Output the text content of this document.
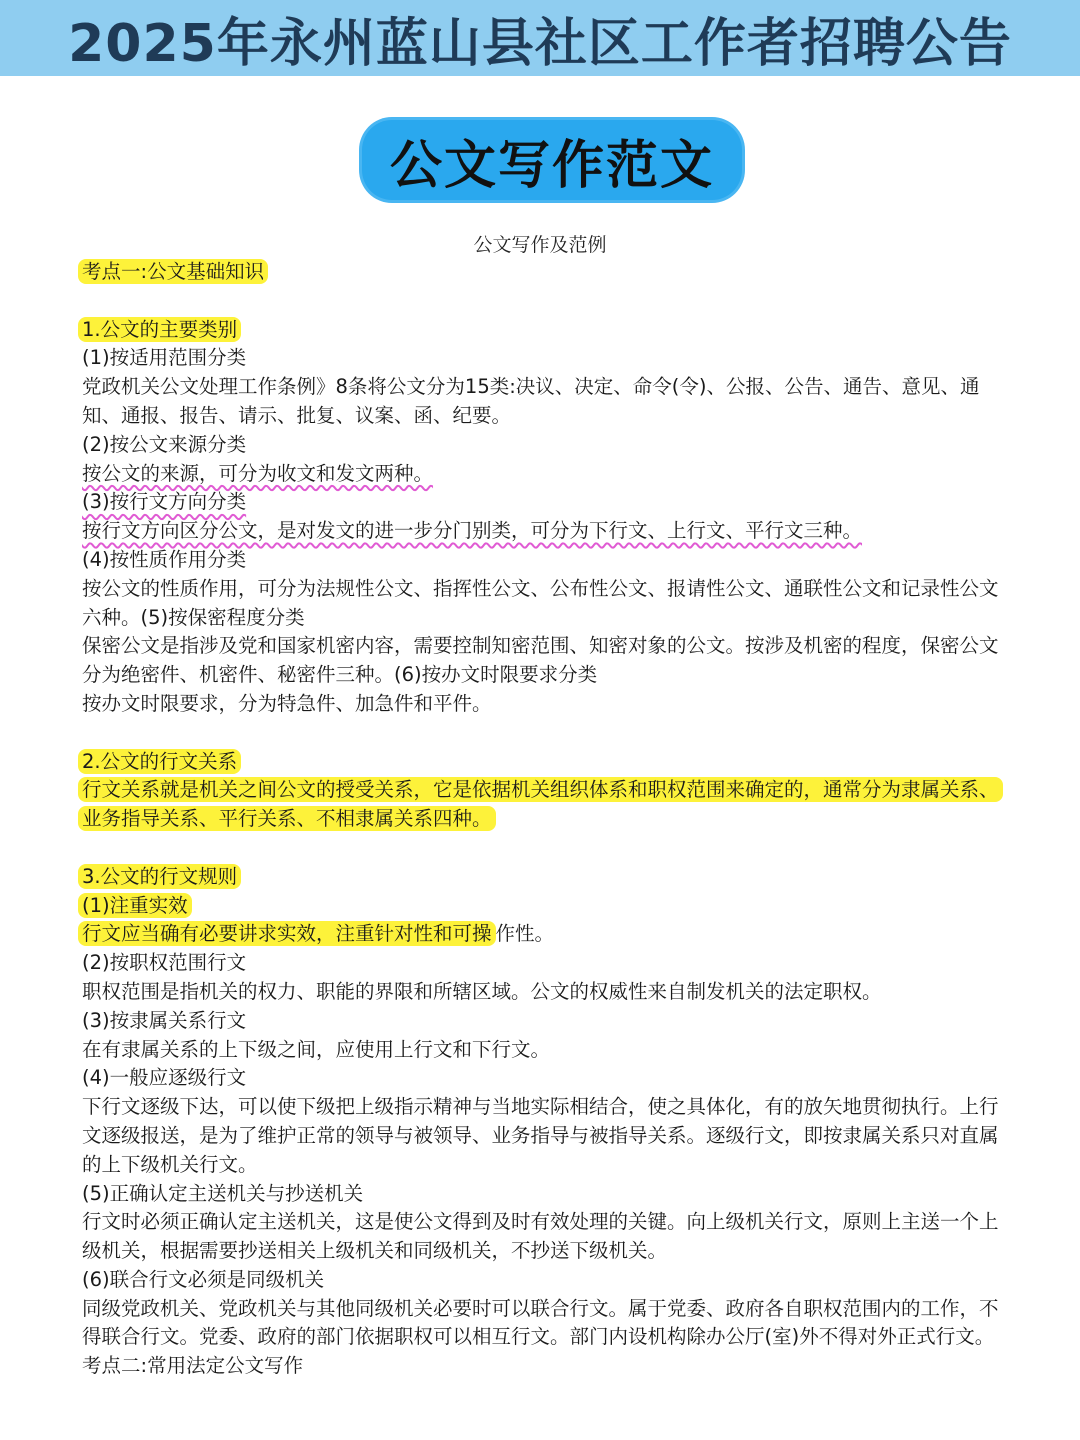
2025年永州蓝山县社区工作者招聘公告
公文写作范文
公文写作及范例

考点一:公文基础知识

1.公文的主要类别

(1)按适用范围分类

党政机关公文处理工作条例》8条将公文分为15类:决议、决定、命令(令)、公报、公告、通告、意见、通知、通报、报告、请示、批复、议案、函、纪要。

(2)按公文来源分类

按公文的来源，可分为收文和发文两种。

(3)按行文方向分类

按行文方向区分公文，是对发文的进一步分门别类，可分为下行文、上行文、平行文三种。

(4)按性质作用分类

按公文的性质作用，可分为法规性公文、指挥性公文、公布性公文、报请性公文、通联性公文和记录性公文六种。(5)按保密程度分类

保密公文是指涉及党和国家机密内容，需要控制知密范围、知密对象的公文。按涉及机密的程度，保密公文分为绝密件、机密件、秘密件三种。(6)按办文时限要求分类

按办文时限要求，分为特急件、加急件和平件。

2.公文的行文关系

行文关系就是机关之间公文的授受关系，它是依据机关组织体系和职权范围来确定的，通常分为隶属关系、业务指导关系、平行关系、不相隶属关系四种。

3.公文的行文规则

(1)注重实效

行文应当确有必要讲求实效，注重针对性和可操 作性。

(2)按职权范围行文

职权范围是指机关的权力、职能的界限和所辖区域。公文的权威性来自制发机关的法定职权。

(3)按隶属关系行文

在有隶属关系的上下级之间，应使用上行文和下行文。

(4)一般应逐级行文

下行文逐级下达，可以使下级把上级指示精神与当地实际相结合，使之具体化，有的放矢地贯彻执行。上行文逐级报送，是为了维护正常的领导与被领导、业务指导与被指导关系。逐级行文，即按隶属关系只对直属的上下级机关行文。

(5)正确认定主送机关与抄送机关

行文时必须正确认定主送机关，这是使公文得到及时有效处理的关键。向上级机关行文，原则上主送一个上级机关，根据需要抄送相关上级机关和同级机关，不抄送下级机关。

(6)联合行文必须是同级机关

同级党政机关、党政机关与其他同级机关必要时可以联合行文。属于党委、政府各自职权范围内的工作，不得联合行文。党委、政府的部门依据职权可以相互行文。部门内设机构除办公厅(室)外不得对外正式行文。

考点二:常用法定公文写作
